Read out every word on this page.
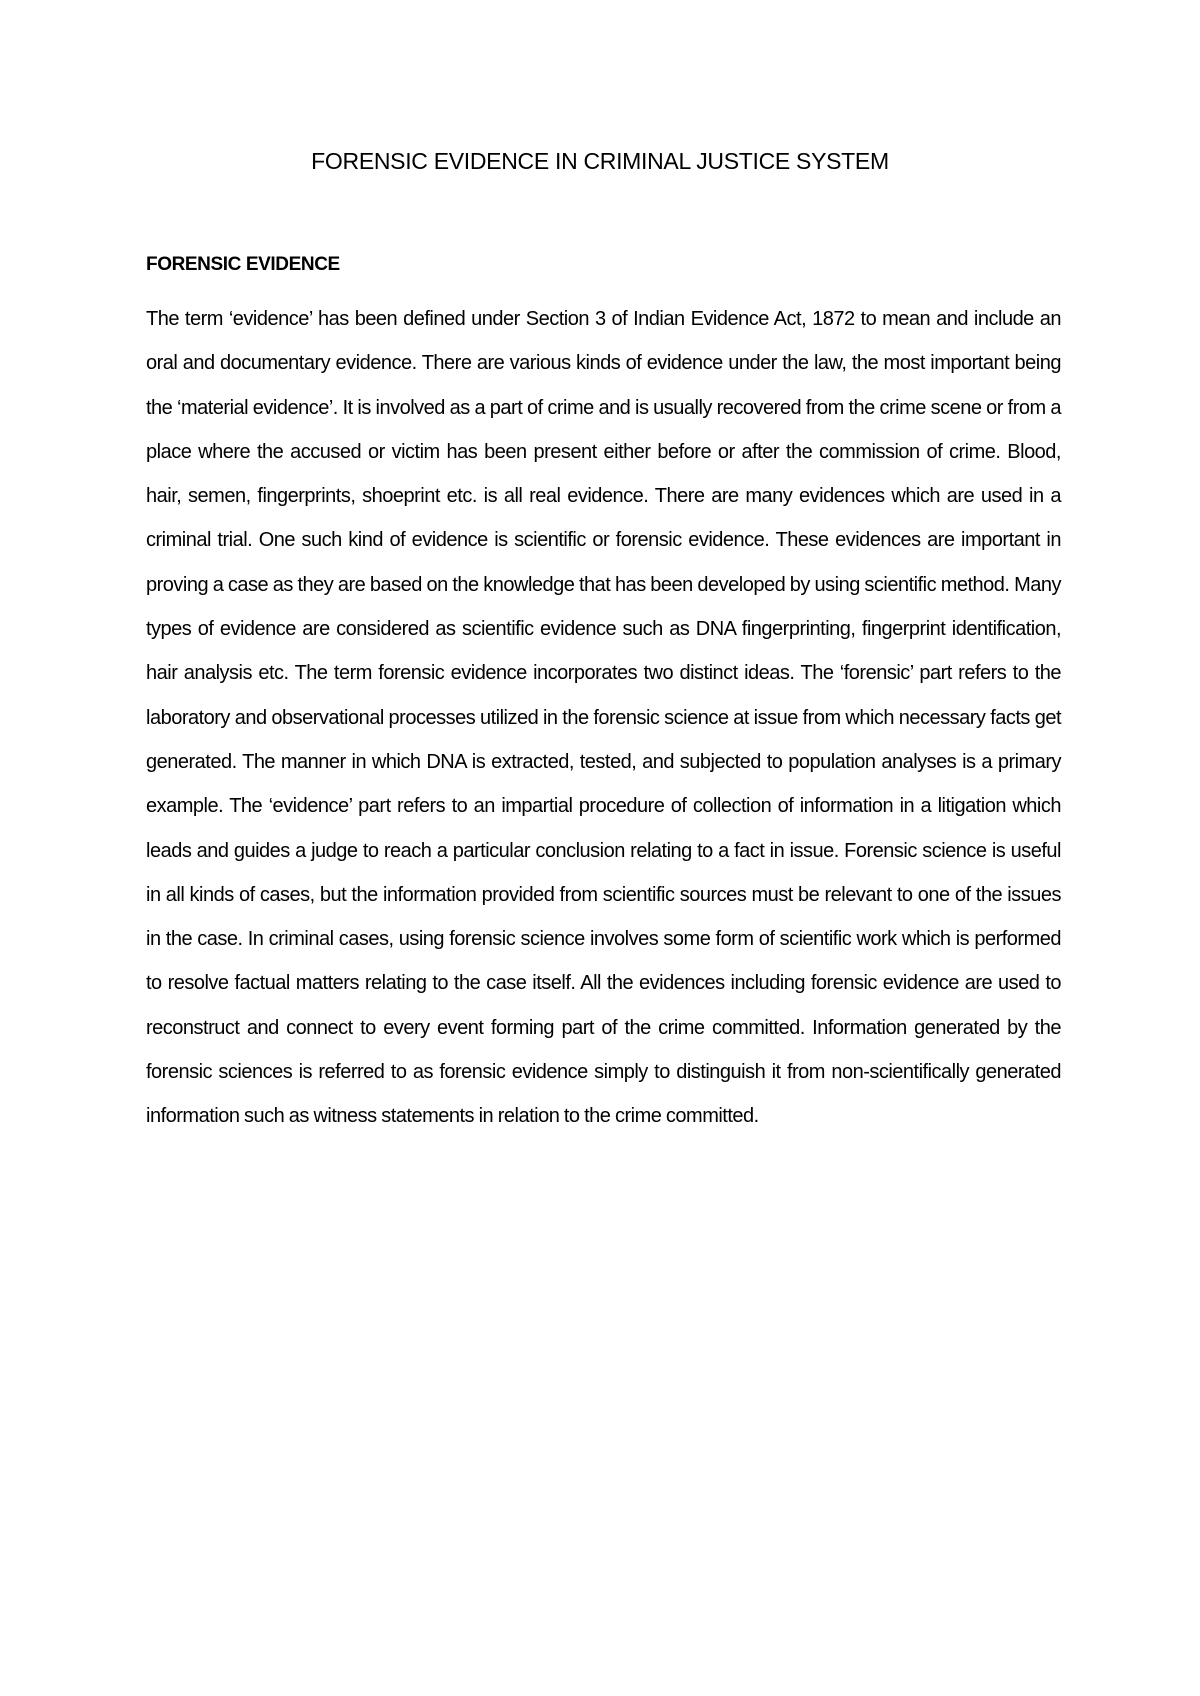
FORENSIC EVIDENCE IN CRIMINAL JUSTICE SYSTEM
FORENSIC EVIDENCE

The term ‘evidence’ has been defined under Section 3 of Indian Evidence Act, 1872 to mean and include an oral and documentary evidence. There are various kinds of evidence under the law, the most important being the ‘material evidence’. It is involved as a part of crime and is usually recovered from the crime scene or from a place where the accused or victim has been present either before or after the commission of crime. Blood, hair, semen, fingerprints, shoeprint etc. is all real evidence. There are many evidences which are used in a criminal trial. One such kind of evidence is scientific or forensic evidence. These evidences are important in proving a case as they are based on the knowledge that has been developed by using scientific method. Many types of evidence are considered as scientific evidence such as DNA fingerprinting, fingerprint identification, hair analysis etc. The term forensic evidence incorporates two distinct ideas. The ‘forensic’ part refers to the laboratory and observational processes utilized in the forensic science at issue from which necessary facts get generated. The manner in which DNA is extracted, tested, and subjected to population analyses is a primary example. The ‘evidence’ part refers to an impartial procedure of collection of information in a litigation which leads and guides a judge to reach a particular conclusion relating to a fact in issue. Forensic science is useful in all kinds of cases, but the information provided from scientific sources must be relevant to one of the issues in the case. In criminal cases, using forensic science involves some form of scientific work which is performed to resolve factual matters relating to the case itself. All the evidences including forensic evidence are used to reconstruct and connect to every event forming part of the crime committed. Information generated by the forensic sciences is referred to as forensic evidence simply to distinguish it from non-scientifically generated information such as witness statements in relation to the crime committed.
